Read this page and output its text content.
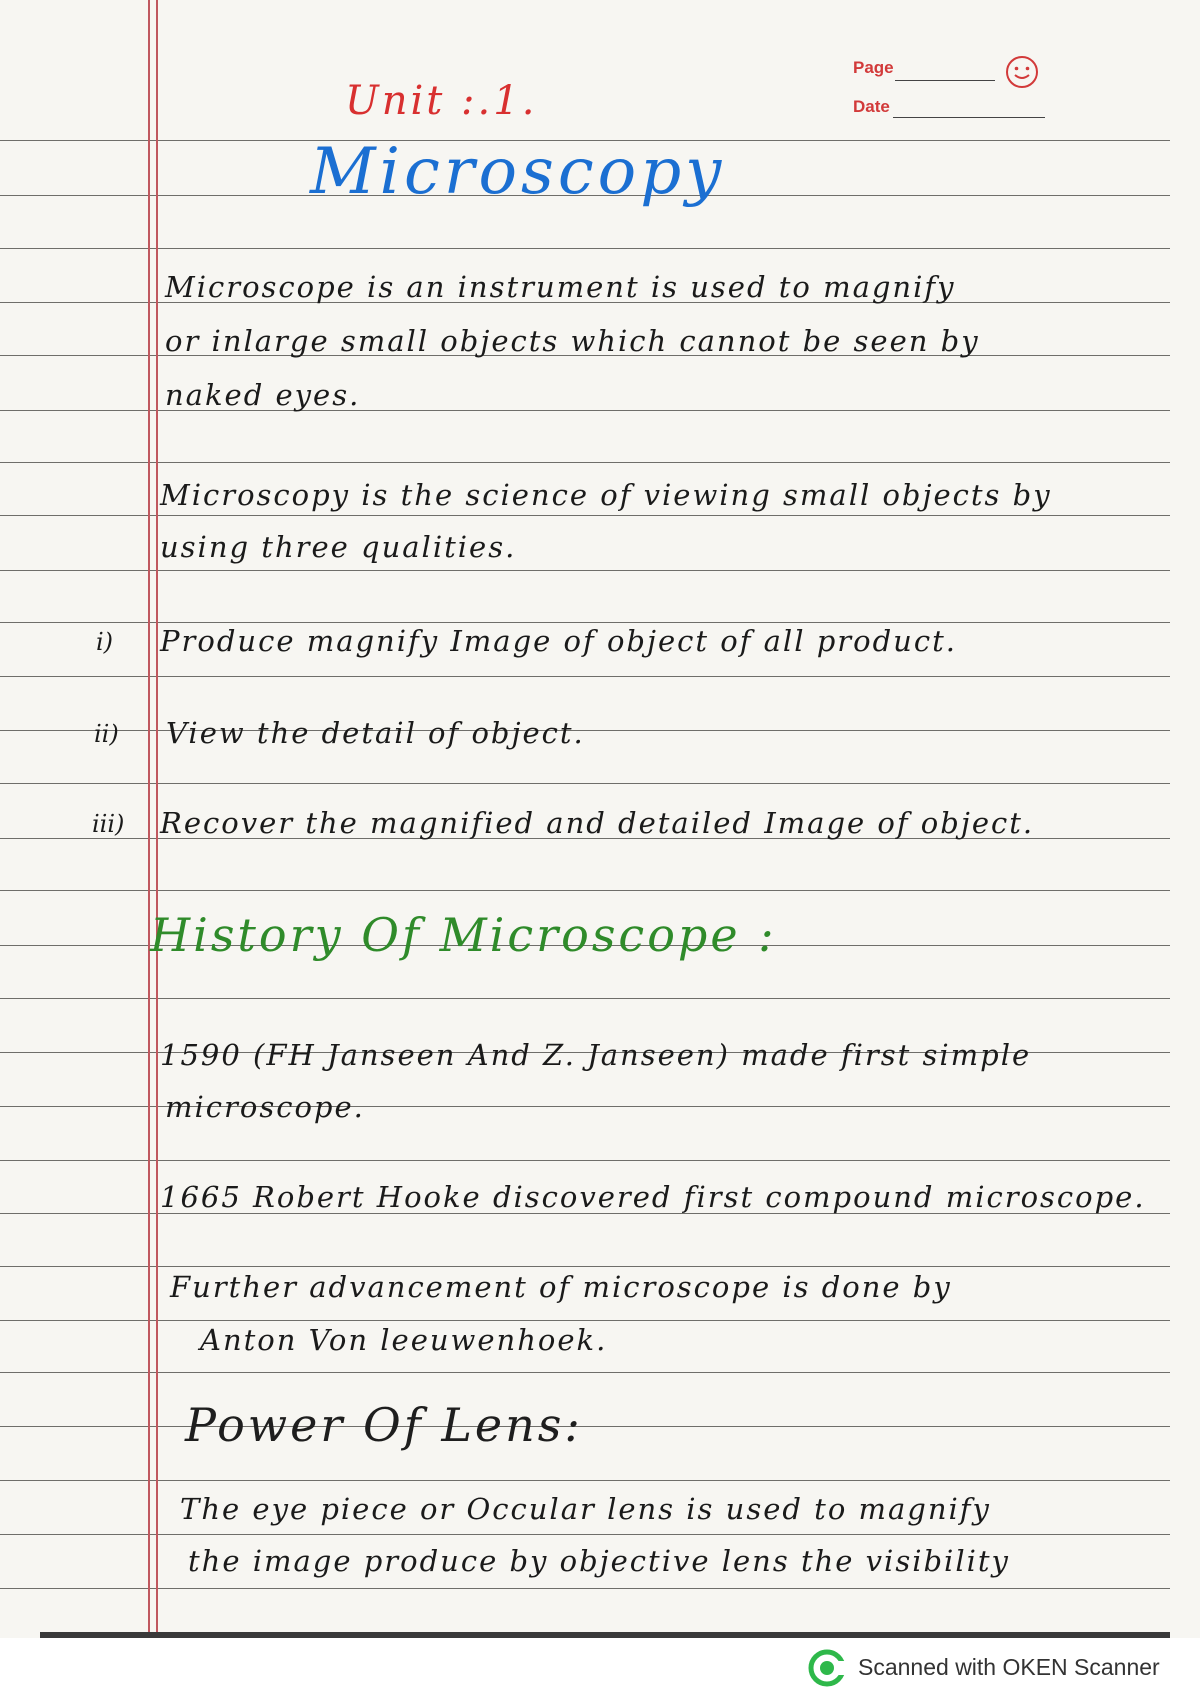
Page
Date
Unit :.1.
Microscopy
Microscope is an instrument is used to magnify
or inlarge small objects which cannot be seen by
naked eyes.
Microscopy is the science of viewing small objects by
using three qualities.
i) Produce magnify Image of object of all product.
ii) View the detail of object.
iii) Recover the magnified and detailed Image of object.
History Of Microscope :
1590 (FH Janseen And Z. Janseen) made first simple
microscope.
1665 Robert Hooke discovered first compound microscope.
Further advancement of microscope is done by
Anton Von leeuwenhoek.
Power Of Lens:
The eye piece or Occular lens is used to magnify
the image produce by objective lens the visibility
Scanned with OKEN Scanner
